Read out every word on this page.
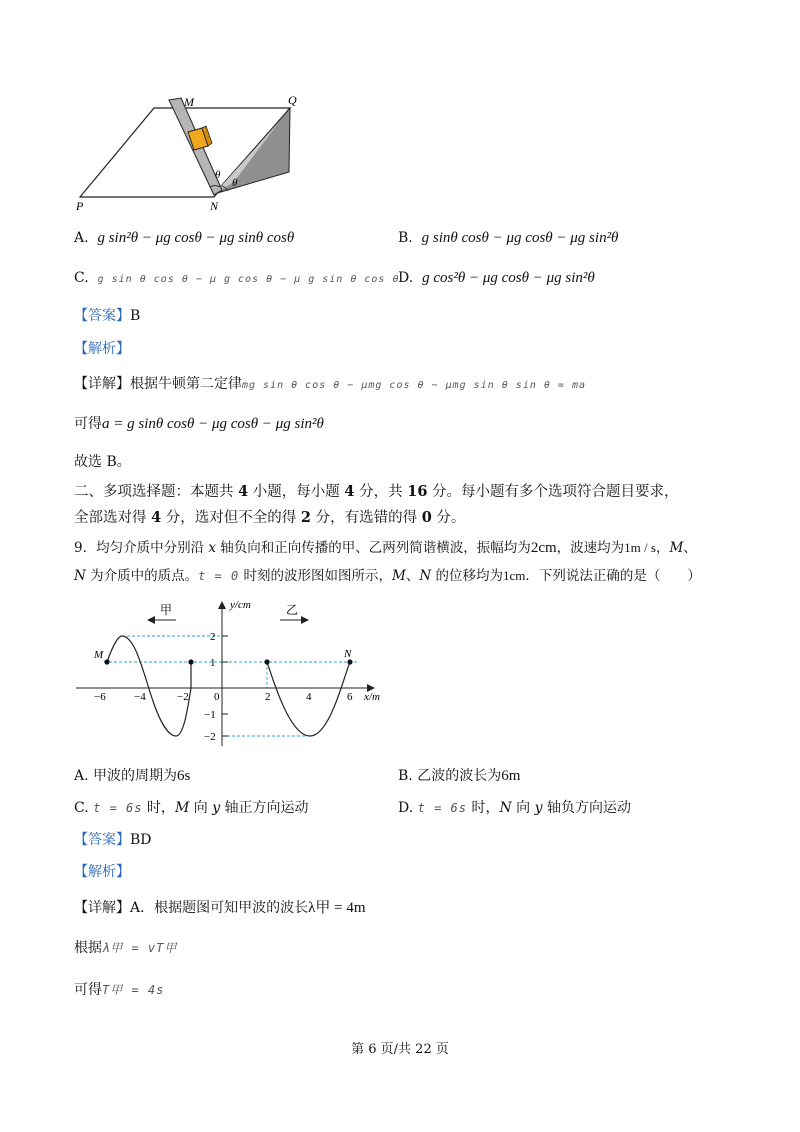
M	Q
P	N
θ
θ
A. g sin²θ − μg cosθ − μg sinθ cosθ	B. g sinθ cosθ − μg cosθ − μg sin²θ
C. g sin θ cos θ − μ g cos θ − μ g sin θ cos θ
D. g cos²θ − μg cosθ − μg sin²θ
【答案】B
【解析】
【详解】根据牛顿第二定律mg sin θ cos θ − μmg cos θ − μmg sin θ sin θ = ma
可得a = g sinθ cosθ − μg cosθ − μg sin²θ
故选 B。
二、多项选择题：本题共 4 小题，每小题 4 分，共 16 分。每小题有多个选项符合题目要求，
全部选对得 4 分，选对但不全的得 2 分，有选错的得 0 分。
9．均匀介质中分别沿 x 轴负向和正向传播的甲、乙两列简谐横波，振幅均为2cm，波速均为1m / s，M、
N 为介质中的质点。t = 0 时刻的波形图如图所示，M、N 的位移均为1cm．下列说法正确的是（　　）
甲	乙
y/cm
x/m
M	N
−6	−4	−2 0	2	4	6
2
1
−1
−2
A. 甲波的周期为6s	B. 乙波的波长为6m
C. t = 6s 时，M 向 y 轴正方向运动	D. t = 6s 时，N 向 y 轴负方向运动
【答案】BD
【解析】
【详解】A．根据题图可知甲波的波长λ甲 = 4m
根据λ甲 = vT甲
可得T甲 = 4s
第 6 页/共 22 页
